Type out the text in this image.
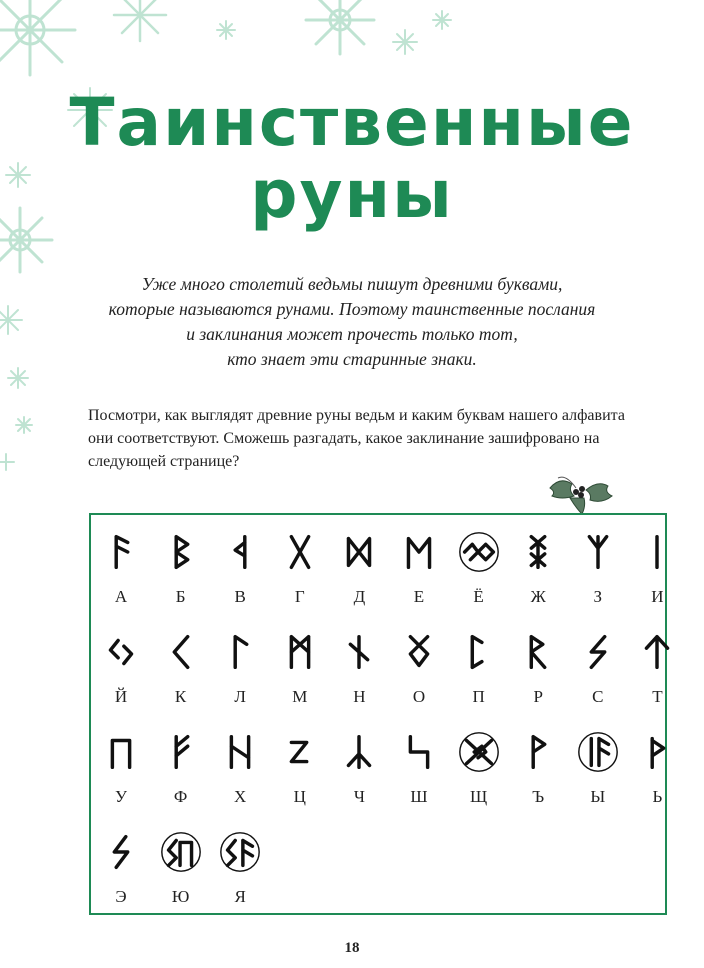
Таинственные
руны

Уже много столетий ведьмы пишут древними буквами,
которые называются рунами. Поэтому таинственные послания
и заклинания может прочесть только тот,
кто знает эти старинные знаки.

Посмотри, как выглядят древние руны ведьм и каким буквам нашего алфавита они соответствуют. Сможешь разгадать, какое заклинание зашифровано на следующей странице?

А	Б	В	Г	Д	Е	Ё	Ж	З	И
Й	К	Л	М	Н	О	П	Р	С	Т
У	Ф	Х	Ц	Ч	Ш	Щ	Ъ	Ы	Ь
Э	Ю	Я
18
